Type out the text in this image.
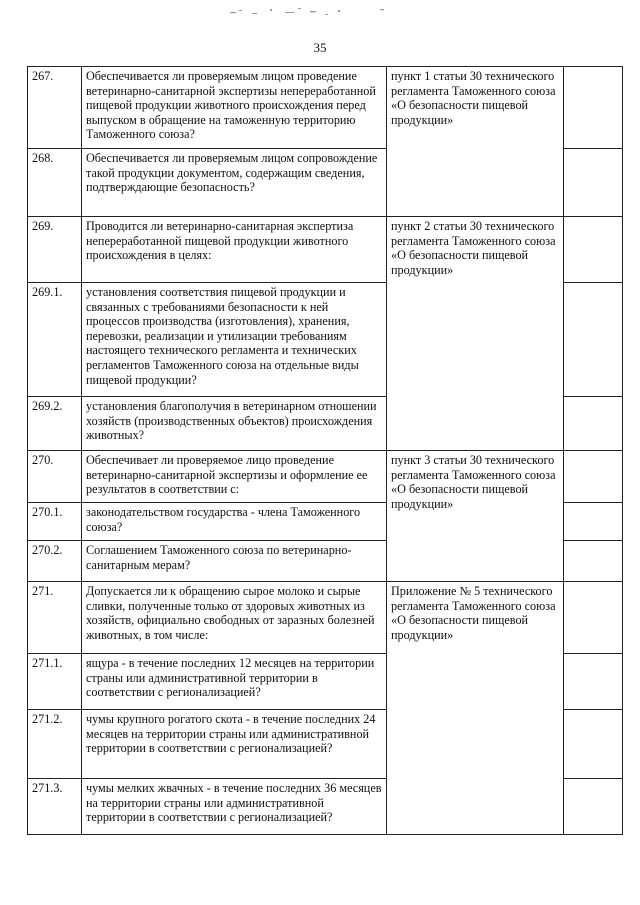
35
267.	Обеспечивается ли проверяемым лицом проведение ветеринарно-санитарной экспертизы непереработанной пищевой продукции животного происхождения перед выпуском в обращение на таможенную территорию Таможенного союза?	пункт 1 статьи 30 технического регламента Таможенного союза «О безопасности пищевой продукции»	
268.	Обеспечивается ли проверяемым лицом сопровождение такой продукции документом, содержащим сведения, подтверждающие безопасность?		
269.	Проводится ли ветеринарно-санитарная экспертиза непереработанной пищевой продукции животного происхождения в целях:	пункт 2 статьи 30 технического регламента Таможенного союза «О безопасности пищевой продукции»	
269.1.	установления соответствия пищевой продукции и связанных с требованиями безопасности к ней процессов производства (изготовления), хранения, перевозки, реализации и утилизации требованиям настоящего технического регламента и технических регламентов Таможенного союза на отдельные виды пищевой продукции?		
269.2.	установления благополучия в ветеринарном отношении хозяйств (производственных объектов) происхождения животных?		
270.	Обеспечивает ли проверяемое лицо проведение ветеринарно-санитарной экспертизы и оформление ее результатов в соответствии с:	пункт 3 статьи 30 технического регламента Таможенного союза «О безопасности пищевой продукции»	
270.1.	законодательством государства - члена Таможенного союза?		
270.2.	Соглашением Таможенного союза по ветеринарно-санитарным мерам?		
271.	Допускается ли к обращению сырое молоко и сырые сливки, полученные только от здоровых животных из хозяйств, официально свободных от заразных болезней животных, в том числе:	Приложение № 5 технического регламента Таможенного союза «О безопасности пищевой продукции»	
271.1.	ящура - в течение последних 12 месяцев на территории страны или административной территории в соответствии с регионализацией?		
271.2.	чумы крупного рогатого скота - в течение последних 24 месяцев на территории страны или административной территории в соответствии с регионализацией?		
271.3.	чумы мелких жвачных - в течение последних 36 месяцев на территории страны или административной территории в соответствии с регионализацией?		
